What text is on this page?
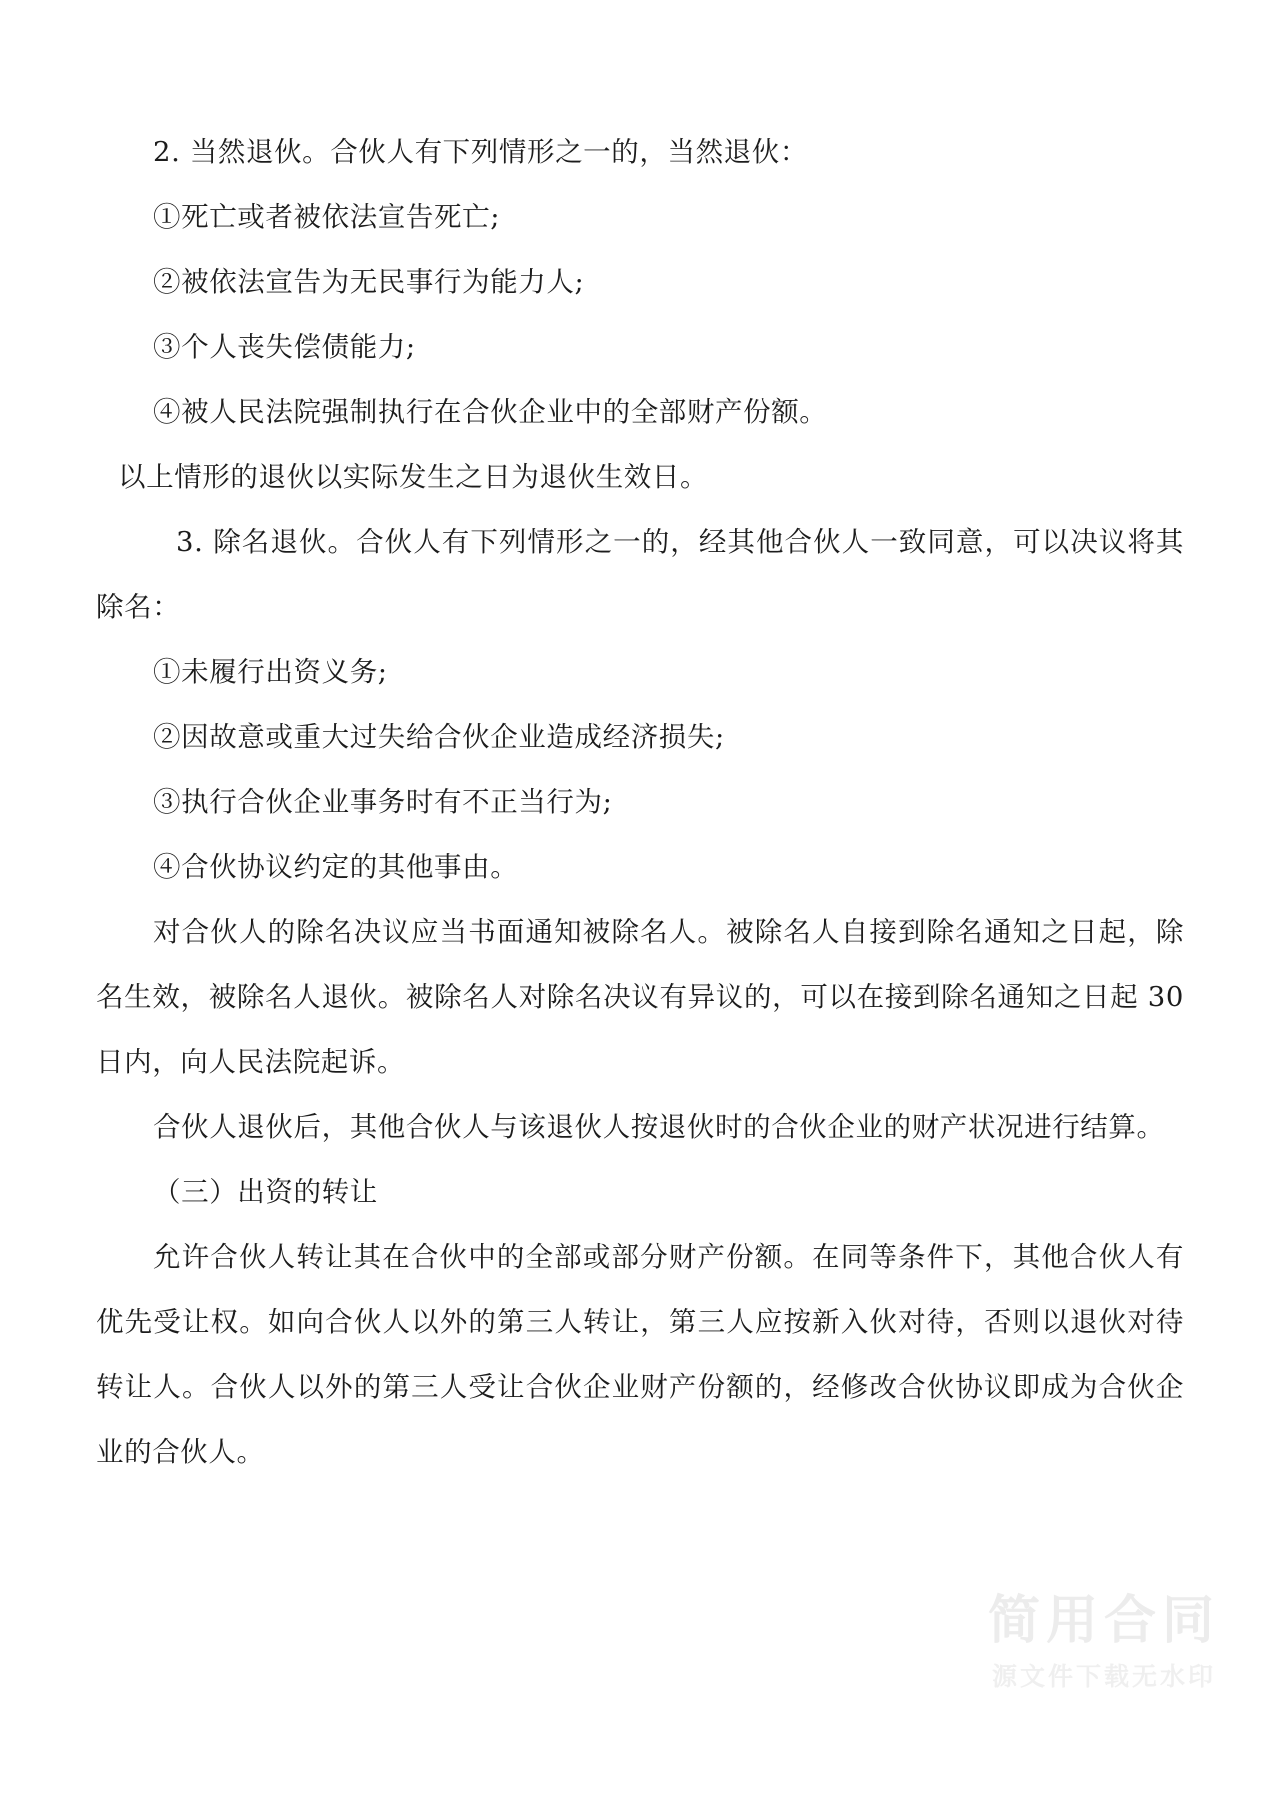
2. 当然退伙。合伙人有下列情形之一的，当然退伙：

①死亡或者被依法宣告死亡;

②被依法宣告为无民事行为能力人;

③个人丧失偿债能力;

④被人民法院强制执行在合伙企业中的全部财产份额。

以上情形的退伙以实际发生之日为退伙生效日。

3. 除名退伙。合伙人有下列情形之一的，经其他合伙人一致同意，可以决议将其除名：

①未履行出资义务;

②因故意或重大过失给合伙企业造成经济损失;

③执行合伙企业事务时有不正当行为;

④合伙协议约定的其他事由。

对合伙人的除名决议应当书面通知被除名人。被除名人自接到除名通知之日起，除名生效，被除名人退伙。被除名人对除名决议有异议的，可以在接到除名通知之日起 30 日内，向人民法院起诉。

合伙人退伙后，其他合伙人与该退伙人按退伙时的合伙企业的财产状况进行结算。

（三）出资的转让

允许合伙人转让其在合伙中的全部或部分财产份额。在同等条件下，其他合伙人有优先受让权。如向合伙人以外的第三人转让，第三人应按新入伙对待，否则以退伙对待转让人。合伙人以外的第三人受让合伙企业财产份额的，经修改合伙协议即成为合伙企业的合伙人。

简用合同
源文件下载无水印
